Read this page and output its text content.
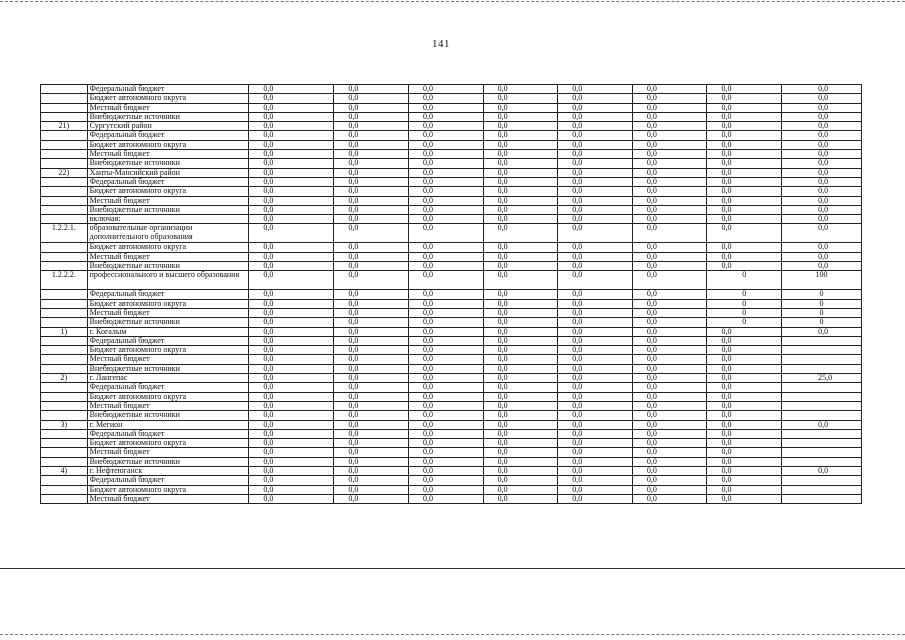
141
	Федеральный бюджет	0,0	0,0	0,0	0,0	0,0	0,0	0,0	0,0
	Бюджет автономного округа	0,0	0,0	0,0	0,0	0,0	0,0	0,0	0,0
	Местный бюджет	0,0	0,0	0,0	0,0	0,0	0,0	0,0	0,0
	Внебюджетные источники	0,0	0,0	0,0	0,0	0,0	0,0	0,0	0,0
21)	Сургутский район	0,0	0,0	0,0	0,0	0,0	0,0	0,0	0,0
	Федеральный бюджет	0,0	0,0	0,0	0,0	0,0	0,0	0,0	0,0
	Бюджет автономного округа	0,0	0,0	0,0	0,0	0,0	0,0	0,0	0,0
	Местный бюджет	0,0	0,0	0,0	0,0	0,0	0,0	0,0	0,0
	Внебюджетные источники	0,0	0,0	0,0	0,0	0,0	0,0	0,0	0,0
22)	Ханты-Мансийский район	0,0	0,0	0,0	0,0	0,0	0,0	0,0	0,0
	Федеральный бюджет	0,0	0,0	0,0	0,0	0,0	0,0	0,0	0,0
	Бюджет автономного округа	0,0	0,0	0,0	0,0	0,0	0,0	0,0	0,0
	Местный бюджет	0,0	0,0	0,0	0,0	0,0	0,0	0,0	0,0
	Внебюджетные источники	0,0	0,0	0,0	0,0	0,0	0,0	0,0	0,0
	включая:	0,0	0,0	0,0	0,0	0,0	0,0	0,0	0,0
1.2.2.1.	образовательные организации дополнительного образования	0,0	0,0	0,0	0,0	0,0	0,0	0,0	0,0
	Бюджет автономного округа	0,0	0,0	0,0	0,0	0,0	0,0	0,0	0,0
	Местный бюджет	0,0	0,0	0,0	0,0	0,0	0,0	0,0	0,0
	Внебюджетные источники	0,0	0,0	0,0	0,0	0,0	0,0	0,0	0,0
1.2.2.2.	профессионального и высшего образования	0,0	0,0	0,0	0,0	0,0	0,0	0	100
	Федеральный бюджет	0,0	0,0	0,0	0,0	0,0	0,0	0	0
	Бюджет автономного округа	0,0	0,0	0,0	0,0	0,0	0,0	0	0
	Местный бюджет	0,0	0,0	0,0	0,0	0,0	0,0	0	0
	Внебюджетные источники	0,0	0,0	0,0	0,0	0,0	0,0	0	0
1)	г. Когалым	0,0	0,0	0,0	0,0	0,0	0,0	0,0	0,0
	Федеральный бюджет	0,0	0,0	0,0	0,0	0,0	0,0	0,0	
	Бюджет автономного округа	0,0	0,0	0,0	0,0	0,0	0,0	0,0	
	Местный бюджет	0,0	0,0	0,0	0,0	0,0	0,0	0,0	
	Внебюджетные источники	0,0	0,0	0,0	0,0	0,0	0,0	0,0	
2)	г. Лангепас	0,0	0,0	0,0	0,0	0,0	0,0	0,0	25,0
	Федеральный бюджет	0,0	0,0	0,0	0,0	0,0	0,0	0,0	
	Бюджет автономного округа	0,0	0,0	0,0	0,0	0,0	0,0	0,0	
	Местный бюджет	0,0	0,0	0,0	0,0	0,0	0,0	0,0	
	Внебюджетные источники	0,0	0,0	0,0	0,0	0,0	0,0	0,0	
3)	г. Мегион	0,0	0,0	0,0	0,0	0,0	0,0	0,0	0,0
	Федеральный бюджет	0,0	0,0	0,0	0,0	0,0	0,0	0,0	
	Бюджет автономного округа	0,0	0,0	0,0	0,0	0,0	0,0	0,0	
	Местный бюджет	0,0	0,0	0,0	0,0	0,0	0,0	0,0	
	Внебюджетные источники	0,0	0,0	0,0	0,0	0,0	0,0	0,0	
4)	г. Нефтеюганск	0,0	0,0	0,0	0,0	0,0	0,0	0,0	0,0
	Федеральный бюджет	0,0	0,0	0,0	0,0	0,0	0,0	0,0	
	Бюджет автономного округа	0,0	0,0	0,0	0,0	0,0	0,0	0,0	
	Местный бюджет	0,0	0,0	0,0	0,0	0,0	0,0	0,0	
